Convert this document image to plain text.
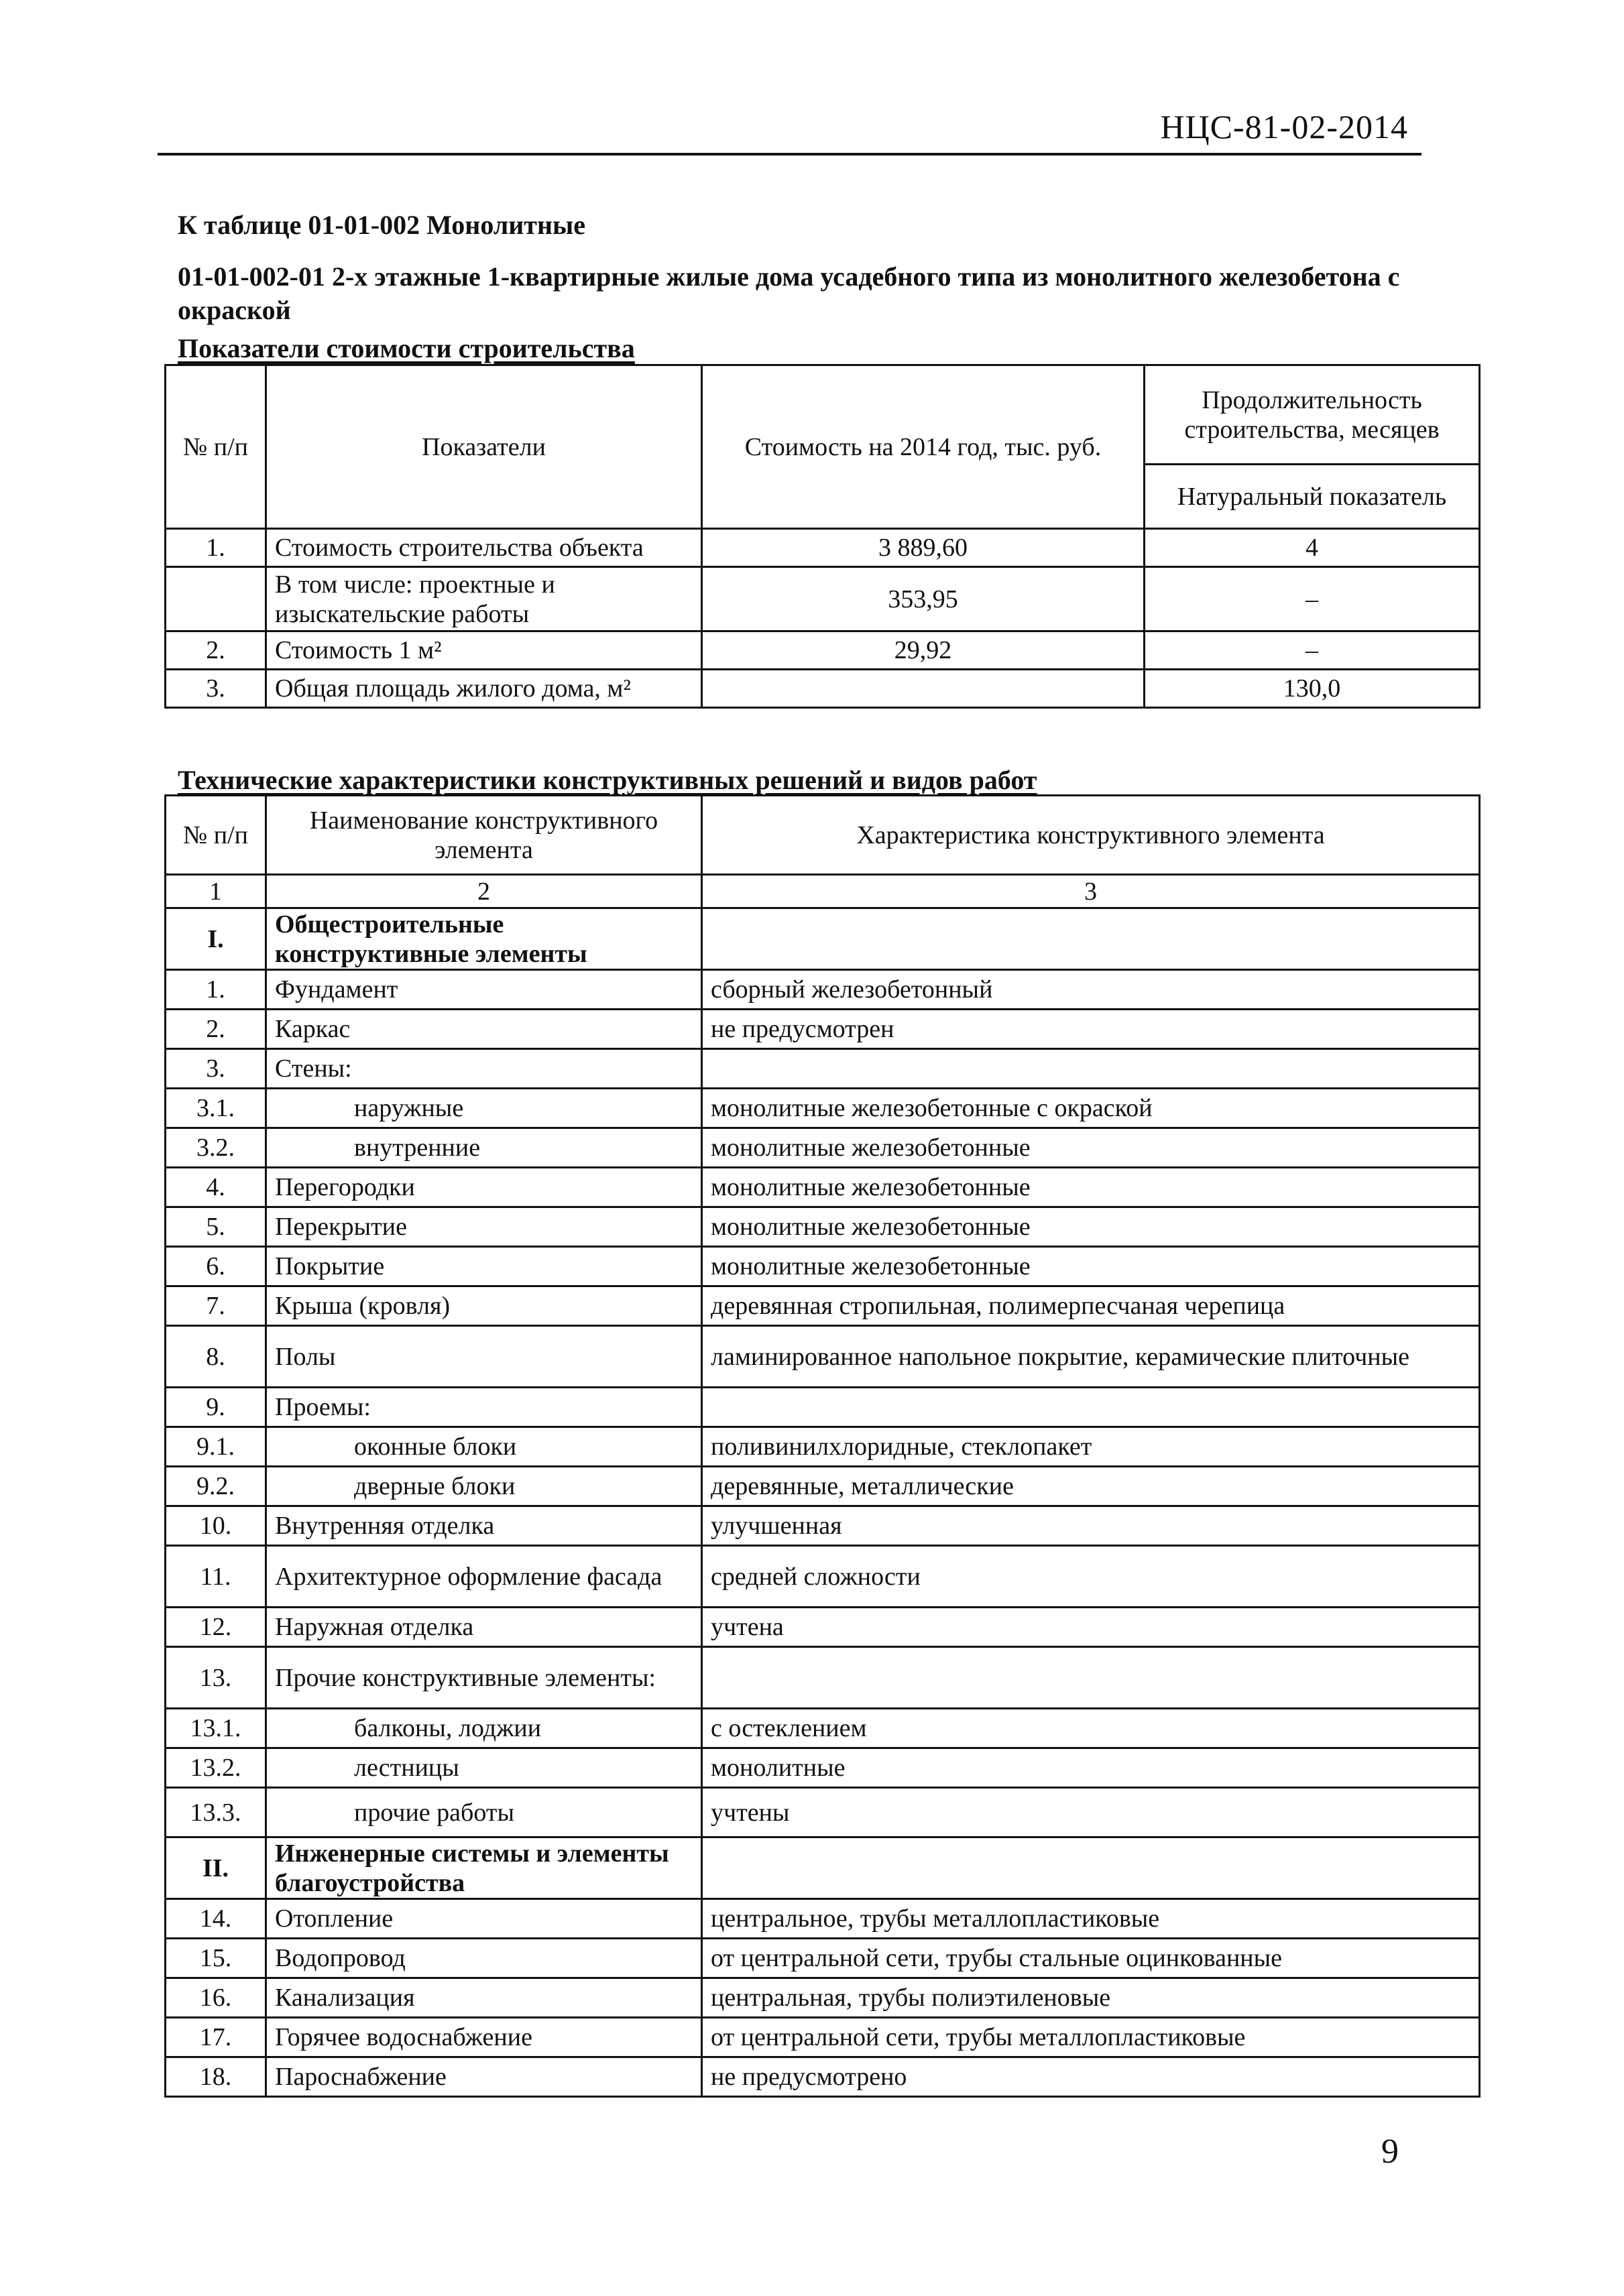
НЦС-81-02-2014
К таблице 01-01-002 Монолитные
01-01-002-01 2-х этажные 1-квартирные жилые дома усадебного типа из монолитного железобетона с окраской
Показатели стоимости строительства
№ п/п	Показатели	Стоимость на 2014 год, тыс. руб.	Продолжительность строительства, месяцев
			Натуральный показатель
1.	Стоимость строительства объекта	3 889,60	4
	В том числе: проектные и изыскательские работы	353,95	–
2.	Стоимость 1 м²	29,92	–
3.	Общая площадь жилого дома, м²		130,0
Технические характеристики конструктивных решений и видов работ
№ п/п	Наименование конструктивного элемента	Характеристика конструктивного элемента
1	2	3
I.	Общестроительные конструктивные элементы	
1.	Фундамент	сборный железобетонный
2.	Каркас	не предусмотрен
3.	Стены:	
3.1.	наружные	монолитные железобетонные с окраской
3.2.	внутренние	монолитные железобетонные
4.	Перегородки	монолитные железобетонные
5.	Перекрытие	монолитные железобетонные
6.	Покрытие	монолитные железобетонные
7.	Крыша (кровля)	деревянная стропильная, полимерпесчаная черепица
8.	Полы	ламинированное напольное покрытие, керамические плиточные
9.	Проемы:	
9.1.	оконные блоки	поливинилхлоридные, стеклопакет
9.2.	дверные блоки	деревянные, металлические
10.	Внутренняя отделка	улучшенная
11.	Архитектурное оформление фасада	средней сложности
12.	Наружная отделка	учтена
13.	Прочие конструктивные элементы:	
13.1.	балконы, лоджии	с остеклением
13.2.	лестницы	монолитные
13.3.	прочие работы	учтены
II.	Инженерные системы и элементы благоустройства	
14.	Отопление	центральное, трубы металлопластиковые
15.	Водопровод	от центральной сети, трубы стальные оцинкованные
16.	Канализация	центральная, трубы полиэтиленовые
17.	Горячее водоснабжение	от центральной сети, трубы металлопластиковые
18.	Пароснабжение	не предусмотрено
9
